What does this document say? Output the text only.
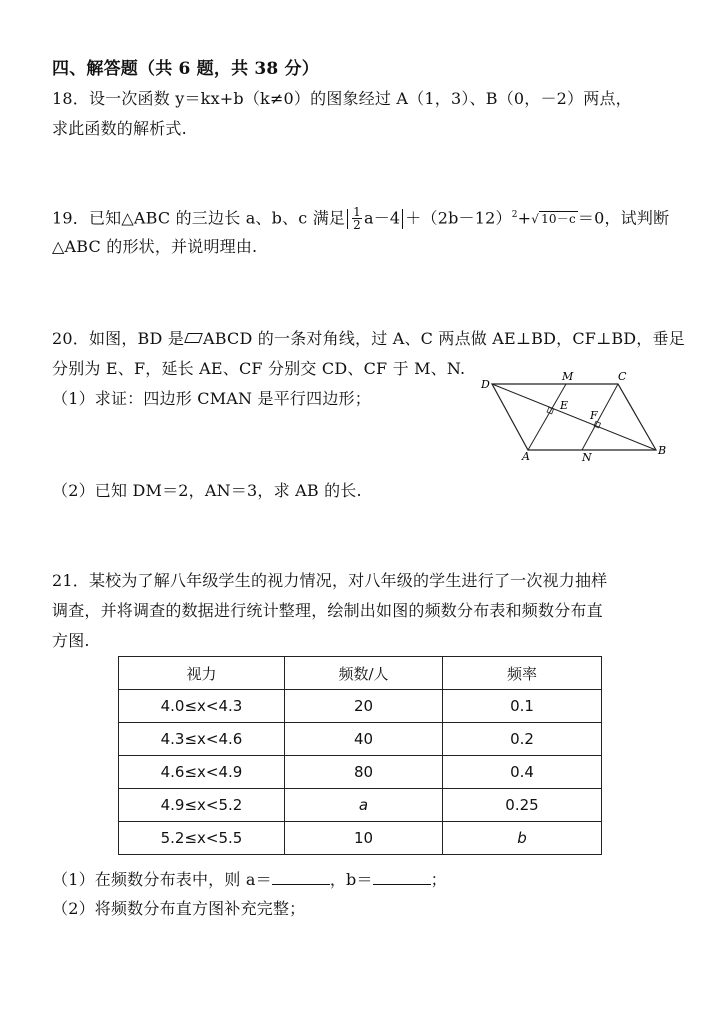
四、解答题（共 6 题，共 38 分）
18．设一次函数 y＝kx+b（k≠0）的图象经过 A（1，3）、B（0，－2）两点，
求此函数的解析式.
19．已知△ABC 的三边长 a、b、c 满足 $\frac{1}{2} a-4 +(2b-12)^2+√$ 10－c ＝0，试判断
△ABC 的形状，并说明理由.
20．如图，BD 是 ABCD 的一条对角线，过 A、C 两点做 AE⊥BD，CF⊥BD，垂足
分别为 E、F，延长 AE、CF 分别交 CD、CF 于 M、N.
（1）求证：四边形 CMAN 是平行四边形；
（2）已知 DM＝2，AN＝3，求 AB 的长.
D
M	C
E
F
A	N
B
21．某校为了解八年级学生的视力情况，对八年级的学生进行了一次视力抽样
调查，并将调查的数据进行统计整理，绘制出如图的频数分布表和频数分布直
方图.
视力	频数/人	频率
4.0≤x<4.3	20	0.1
4.3≤x<4.6	40	0.2
4.6≤x<4.9	80	0.4
4.9≤x<5.2	a	0.25
5.2≤x<5.5	10	b
（1）在频数分布表中，则 a＝	，b＝	；
（2）将频数分布直方图补充完整；
